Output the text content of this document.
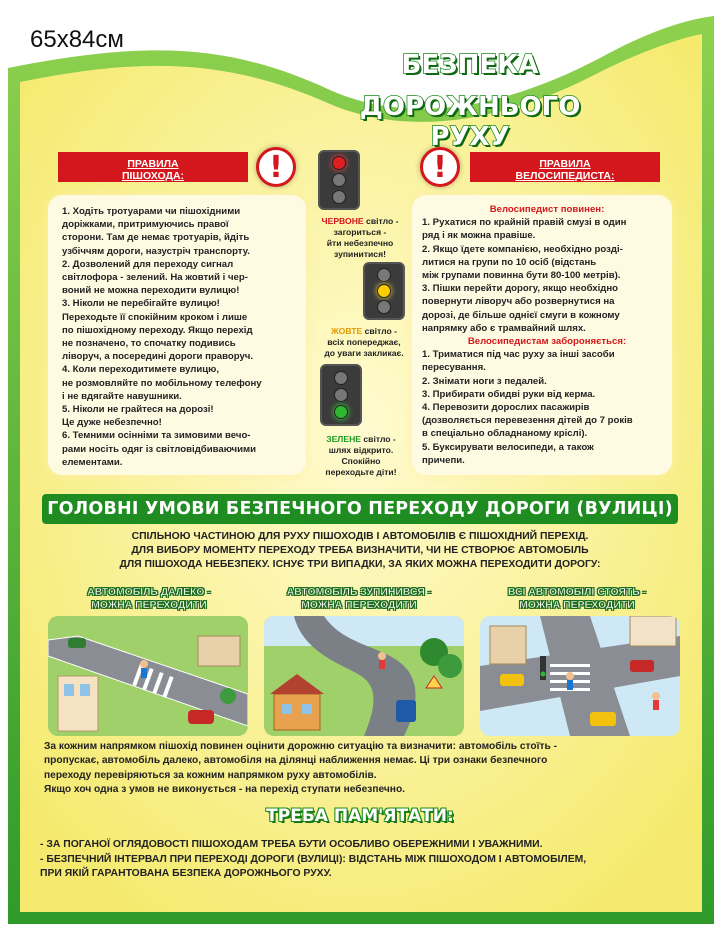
65x84см
БЕЗПЕКА
ДОРОЖНЬОГО РУХУ
ПРАВИЛА
ПІШОХОДА:	!
1. Ходіть тротуарами чи пішохідними
доріжками, притримуючись правої
сторони. Там де немає тротуарів, йдіть
узбіччям дороги, назустріч транспорту.
2. Дозволений для переходу сигнал
світлофора - зелений. На жовтий і чер-
воний не можна переходити вулицю!
3. Ніколи не перебігайте вулицю!
Переходьте її спокійним кроком і лише
по пішохідному переходу. Якщо перехід
не позначено, то спочатку подивись
ліворуч, а посередині дороги праворуч.
4. Коли переходитимете вулицю,
не розмовляйте по мобільному телефону
і не вдягайте навушники.
5. Ніколи не грайтеся на дорозі!
Це дуже небезпечно!
6. Темними осінніми та зимовими вечо-
рами носіть одяг із світловідбиваючими
елементами.
ЧЕРВОНЕ світло -
загориться -
йти небезпечно
зупинитися!
ЖОВТЕ світло -
всіх попереджає,
до уваги закликає.
ЗЕЛЕНЕ світло -
шлях відкрито.
Спокійно
переходьте діти!
!	ПРАВИЛА
ВЕЛОСИПЕДИСТА:
Велосипедист повинен:
1. Рухатися по крайній правій смузі в один
ряд і як можна правіше.
2. Якщо їдете компанією, необхідно розді-
литися на групи по 10 осіб (відстань
між групами повинна бути 80-100 метрів).
3. Пішки перейти дорогу, якщо необхідно
повернути ліворуч або розвернутися на
дорозі, де більше однієї смуги в кожному
напрямку або є трамвайний шлях.
Велосипедистам забороняється:
1. Триматися під час руху за інші засоби
пересування.
2. Знімати ноги з педалей.
3. Прибирати обидві руки від керма.
4. Перевозити дорослих пасажирів
(дозволяється перевезення дітей до 7 років
в спеціально обладнаному кріслі).
5. Буксирувати велосипеди, а також
причепи.
ГОЛОВНІ УМОВИ БЕЗПЕЧНОГО ПЕРЕХОДУ ДОРОГИ (ВУЛИЦІ)
СПІЛЬНОЮ ЧАСТИНОЮ ДЛЯ РУХУ ПІШОХОДІВ І АВТОМОБІЛІВ Є ПІШОХІДНИЙ ПЕРЕХІД.
ДЛЯ ВИБОРУ МОМЕНТУ ПЕРЕХОДУ ТРЕБА ВИЗНАЧИТИ, ЧИ НЕ СТВОРЮЄ АВТОМОБІЛЬ
ДЛЯ ПІШОХОДА НЕБЕЗПЕКУ. ІСНУЄ ТРИ ВИПАДКИ, ЗА ЯКИХ МОЖНА ПЕРЕХОДИТИ ДОРОГУ:
АВТОМОБІЛЬ ДАЛЕКО -
МОЖНА ПЕРЕХОДИТИ
АВТОМОБІЛЬ ЗУПИНИВСЯ -
МОЖНА ПЕРЕХОДИТИ
ВСІ АВТОМОБІЛІ СТОЯТЬ -
МОЖНА ПЕРЕХОДИТИ
За кожним напрямком пішохід повинен оцінити дорожню ситуацію та визначити: автомобіль стоїть -
пропускає, автомобіль далеко, автомобіля на ділянці наближення немає. Ці три ознаки безпечного
переходу перевіряються за кожним напрямком руху автомобілів.
Якщо хоч одна з умов не виконується - на перехід ступати небезпечно.
ТРЕБА ПАМ'ЯТАТИ:
- ЗА ПОГАНОЇ ОГЛЯДОВОСТІ ПІШОХОДАМ ТРЕБА БУТИ ОСОБЛИВО ОБЕРЕЖНИМИ І УВАЖНИМИ.
- БЕЗПЕЧНИЙ ІНТЕРВАЛ ПРИ ПЕРЕХОДІ ДОРОГИ (ВУЛИЦІ): ВІДСТАНЬ МІЖ ПІШОХОДОМ І АВТОМОБІЛЕМ,
ПРИ ЯКІЙ ГАРАНТОВАНА БЕЗПЕКА ДОРОЖНЬОГО РУХУ.
